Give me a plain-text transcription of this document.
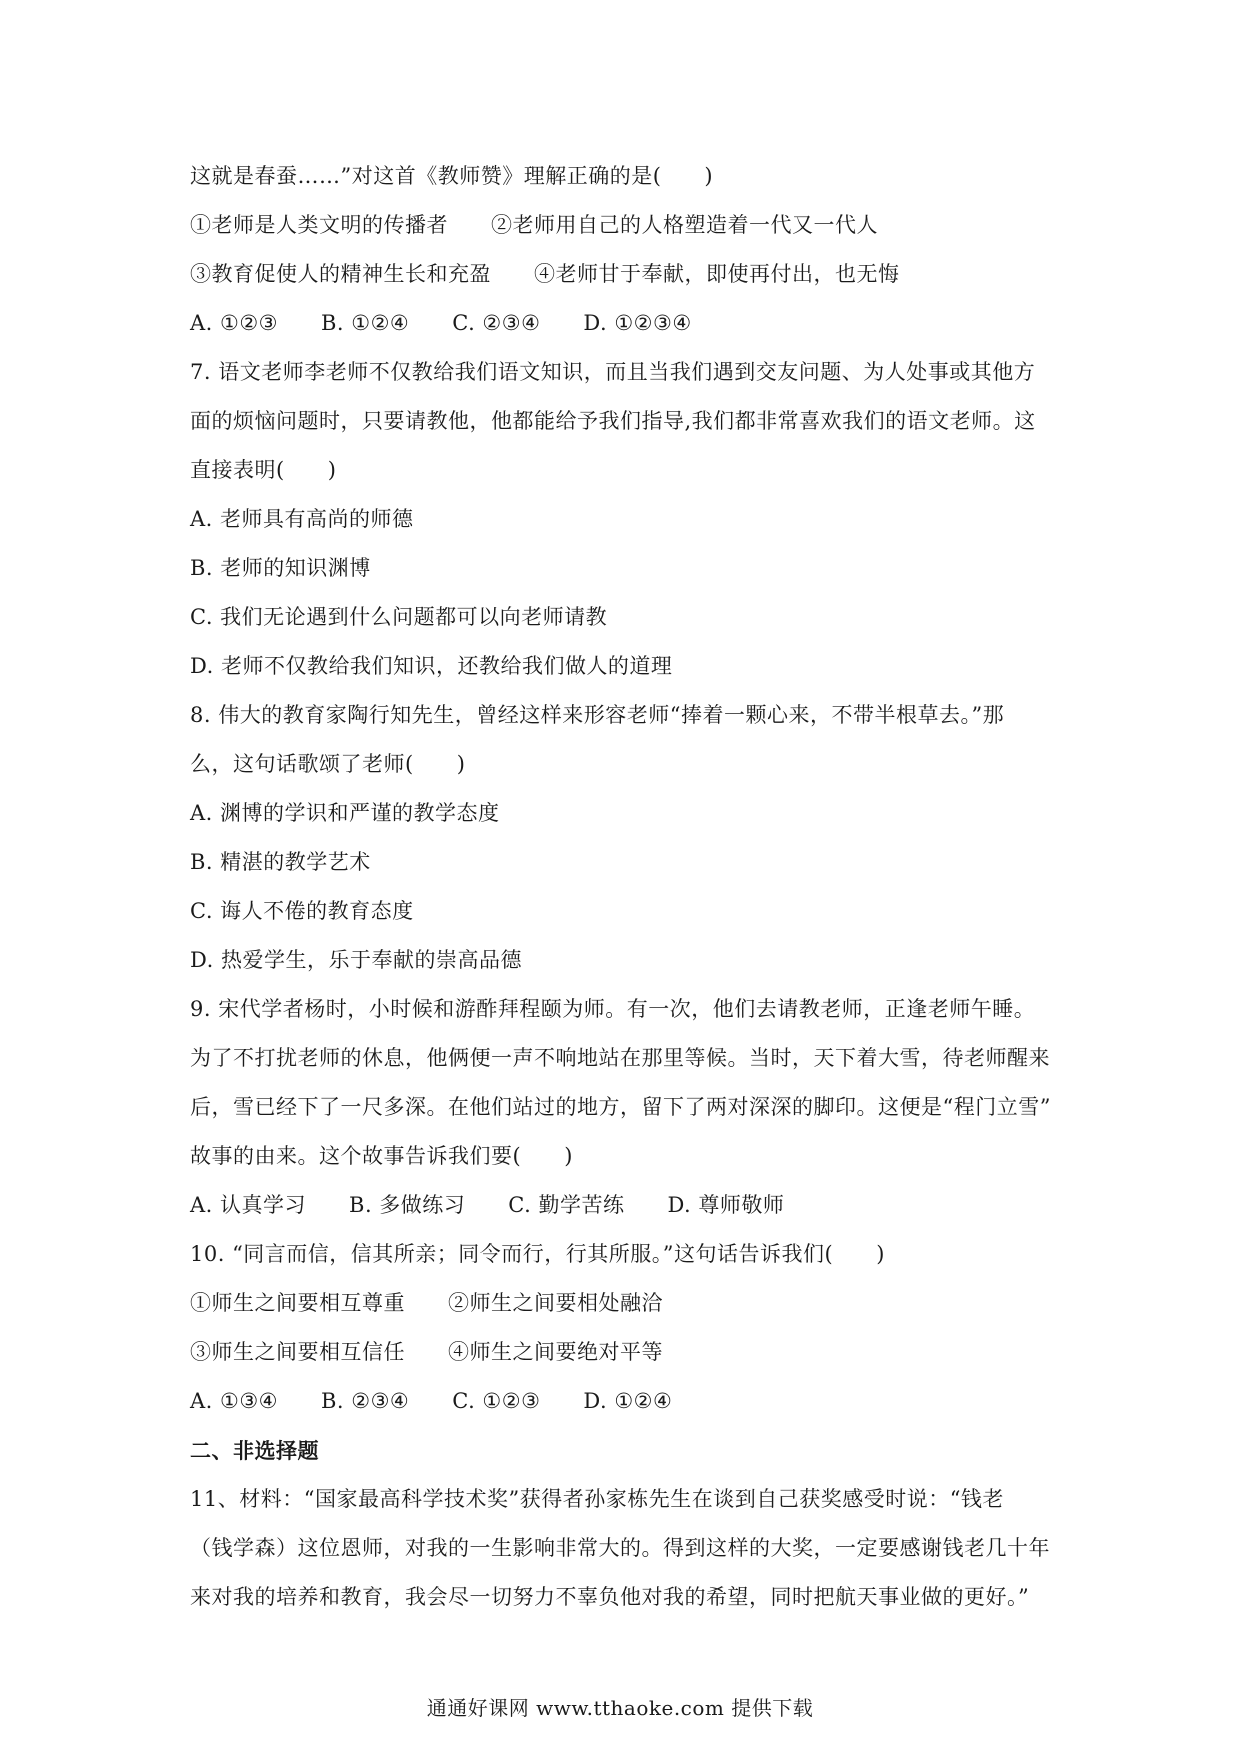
这就是春蚕……”对这首《教师赞》理解正确的是(　　)
①老师是人类文明的传播者　　②老师用自己的人格塑造着一代又一代人
③教育促使人的精神生长和充盈　　④老师甘于奉献，即使再付出，也无悔
A. ①②③　　B. ①②④　　C. ②③④　　D. ①②③④
7. 语文老师李老师不仅教给我们语文知识，而且当我们遇到交友问题、为人处事或其他方
面的烦恼问题时，只要请教他，他都能给予我们指导,我们都非常喜欢我们的语文老师。这
直接表明(　　)
A. 老师具有高尚的师德
B. 老师的知识渊博
C. 我们无论遇到什么问题都可以向老师请教
D. 老师不仅教给我们知识，还教给我们做人的道理
8. 伟大的教育家陶行知先生，曾经这样来形容老师“捧着一颗心来，不带半根草去。”那
么，这句话歌颂了老师(　　)
A. 渊博的学识和严谨的教学态度
B. 精湛的教学艺术
C. 诲人不倦的教育态度
D. 热爱学生，乐于奉献的崇高品德
9. 宋代学者杨时，小时候和游酢拜程颐为师。有一次，他们去请教老师，正逢老师午睡。
为了不打扰老师的休息，他俩便一声不响地站在那里等候。当时，天下着大雪，待老师醒来
后，雪已经下了一尺多深。在他们站过的地方，留下了两对深深的脚印。这便是“程门立雪”
故事的由来。这个故事告诉我们要(　　)
A. 认真学习　　B. 多做练习　　C. 勤学苦练　　D. 尊师敬师
10. “同言而信，信其所亲；同令而行，行其所服。”这句话告诉我们(　　)
①师生之间要相互尊重　　②师生之间要相处融洽
③师生之间要相互信任　　④师生之间要绝对平等
A. ①③④　　B. ②③④　　C. ①②③　　D. ①②④
二、非选择题
11、材料：“国家最高科学技术奖”获得者孙家栋先生在谈到自己获奖感受时说：“钱老
（钱学森）这位恩师，对我的一生影响非常大的。得到这样的大奖，一定要感谢钱老几十年
来对我的培养和教育，我会尽一切努力不辜负他对我的希望，同时把航天事业做的更好。”
通通好课网 www.tthaoke.com 提供下载
